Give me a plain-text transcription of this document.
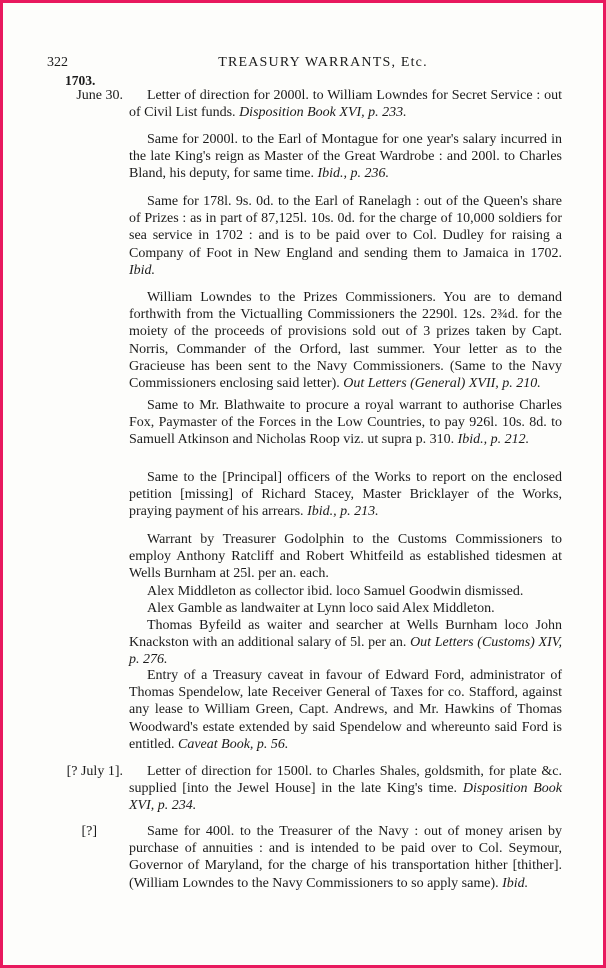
322	TREASURY WARRANTS, Etc.
1703.
June 30.	Letter of direction for 2000l. to William Lowndes for Secret Service : out of Civil List funds. Disposition Book XVI, p. 233.

Same for 2000l. to the Earl of Montague for one year's salary incurred in the late King's reign as Master of the Great Wardrobe : and 200l. to Charles Bland, his deputy, for same time. Ibid., p. 236.

Same for 178l. 9s. 0d. to the Earl of Ranelagh : out of the Queen's share of Prizes : as in part of 87,125l. 10s. 0d. for the charge of 10,000 soldiers for sea service in 1702 : and is to be paid over to Col. Dudley for raising a Company of Foot in New England and sending them to Jamaica in 1702. Ibid.

William Lowndes to the Prizes Commissioners. You are to demand forthwith from the Victualling Commissioners the 2290l. 12s. 2¾d. for the moiety of the proceeds of provisions sold out of 3 prizes taken by Capt. Norris, Commander of the Orford, last summer. Your letter as to the Gracieuse has been sent to the Navy Commissioners. (Same to the Navy Commissioners enclosing said letter). Out Letters (General) XVII, p. 210.

Same to Mr. Blathwaite to procure a royal warrant to authorise Charles Fox, Paymaster of the Forces in the Low Countries, to pay 926l. 10s. 8d. to Samuell Atkinson and Nicholas Roop viz. ut supra p. 310. Ibid., p. 212.

Same to the [Principal] officers of the Works to report on the enclosed petition [missing] of Richard Stacey, Master Bricklayer of the Works, praying payment of his arrears. Ibid., p. 213.

Warrant by Treasurer Godolphin to the Customs Commissioners to employ Anthony Ratcliff and Robert Whitfeild as established tidesmen at Wells Burnham at 25l. per an. each.

Alex Middleton as collector ibid. loco Samuel Goodwin dismissed.

Alex Gamble as landwaiter at Lynn loco said Alex Middleton.

Thomas Byfeild as waiter and searcher at Wells Burnham loco John Knackston with an additional salary of 5l. per an. Out Letters (Customs) XIV, p. 276.

Entry of a Treasury caveat in favour of Edward Ford, administrator of Thomas Spendelow, late Receiver General of Taxes for co. Stafford, against any lease to William Green, Capt. Andrews, and Mr. Hawkins of Thomas Woodward's estate extended by said Spendelow and whereunto said Ford is entitled. Caveat Book, p. 56.

[? July 1].	Letter of direction for 1500l. to Charles Shales, goldsmith, for plate &c. supplied [into the Jewel House] in the late King's time. Disposition Book XVI, p. 234.

[?]	Same for 400l. to the Treasurer of the Navy : out of money arisen by purchase of annuities : and is intended to be paid over to Col. Seymour, Governor of Maryland, for the charge of his transportation hither [thither]. (William Lowndes to the Navy Commissioners to so apply same). Ibid.
